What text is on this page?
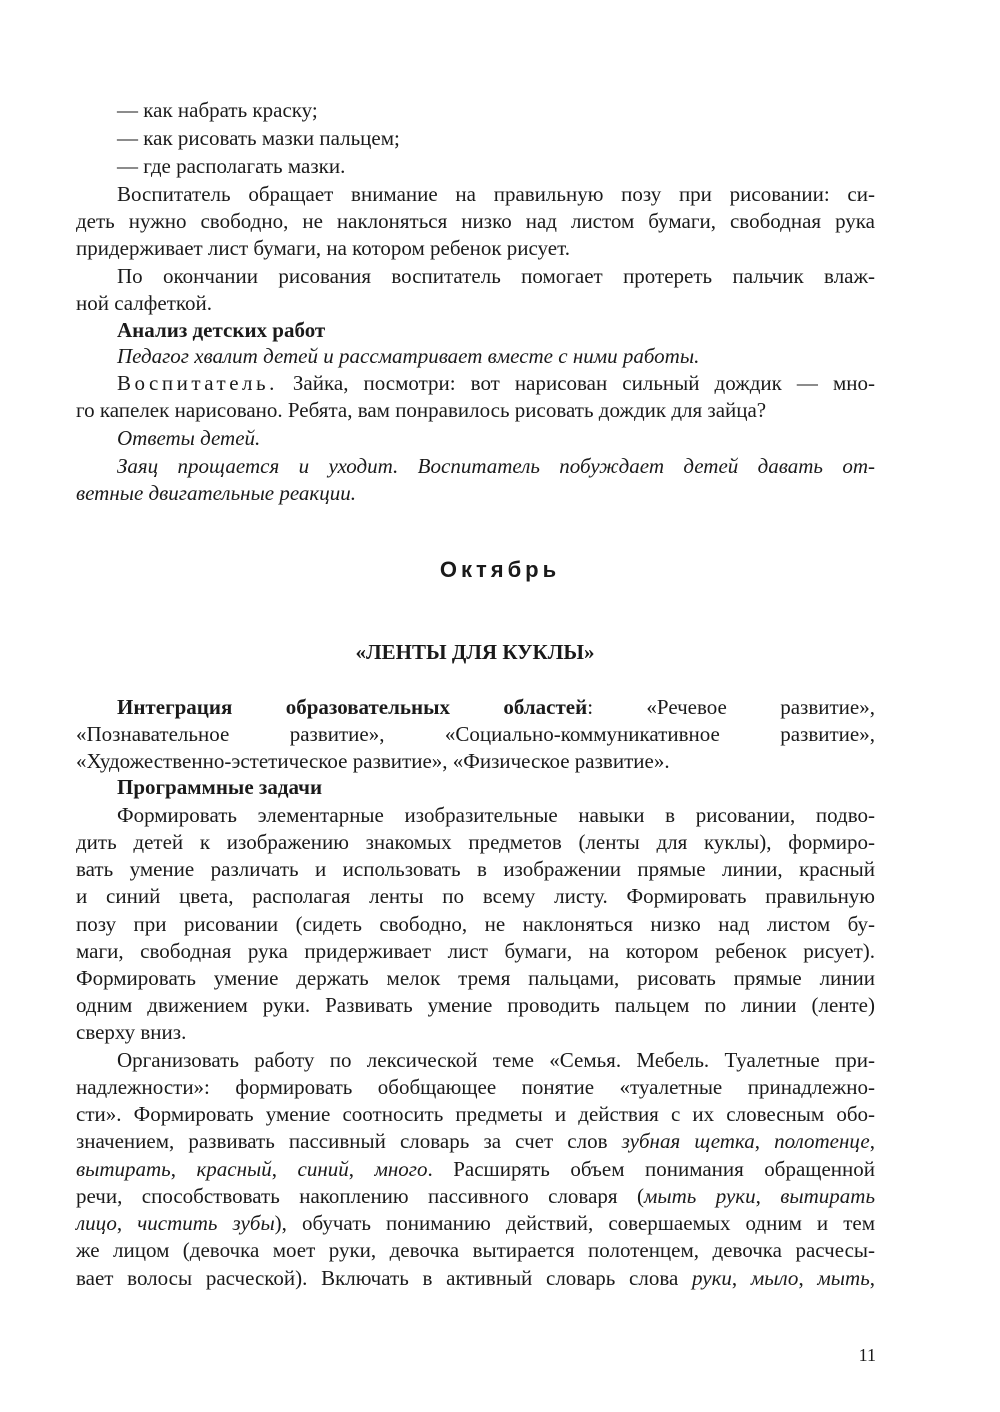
— как набрать краску;
— как рисовать мазки пальцем;
— где располагать мазки.
Воспитатель обращает внимание на правильную позу при рисовании: си-
деть нужно свободно, не наклоняться низко над листом бумаги, свободная рука
придерживает лист бумаги, на котором ребенок рисует.
По окончании рисования воспитатель помогает протереть пальчик влаж-
ной салфеткой.
Анализ детских работ
Педагог хвалит детей и рассматривает вместе с ними работы.
Воспитатель. Зайка, посмотри: вот нарисован сильный дождик — мно-
го капелек нарисовано. Ребята, вам понравилось рисовать дождик для зайца?
Ответы детей.
Заяц прощается и уходит. Воспитатель побуждает детей давать от-
ветные двигательные реакции.
Октябрь
«ЛЕНТЫ ДЛЯ КУКЛЫ»
Интеграция образовательных областей:	«Речевое развитие»,
«Познавательное развитие», «Социально-коммуникативное развитие»,
«Художественно-эстетическое развитие», «Физическое развитие».
Программные задачи
Формировать элементарные изобразительные навыки в рисовании, подво-
дить детей к изображению знакомых предметов (ленты для куклы), формиро-
вать умение различать и использовать в изображении прямые линии, красный
и синий цвета, располагая ленты по всему листу. Формировать правильную
позу при рисовании (сидеть свободно, не наклоняться низко над листом бу-
маги, свободная рука придерживает лист бумаги, на котором ребенок рисует).
Формировать умение держать мелок тремя пальцами, рисовать прямые линии
одним движением руки. Развивать умение проводить пальцем по линии (ленте)
сверху вниз.
Организовать работу по лексической теме «Семья. Мебель. Туалетные при-
надлежности»: формировать обобщающее понятие «туалетные принадлежно-
сти». Формировать умение соотносить предметы и действия с их словесным обо-
значением, развивать пассивный словарь за счет слов зубная щетка, полотенце,
вытирать, красный, синий, много. Расширять объем понимания обращенной
речи, способствовать накоплению пассивного словаря (мыть руки, вытирать
лицо, чистить зубы), обучать пониманию действий, совершаемых одним и тем
же лицом (девочка моет руки, девочка вытирается полотенцем, девочка расчесы-
вает волосы расческой). Включать в активный словарь слова руки, мыло, мыть,
11
